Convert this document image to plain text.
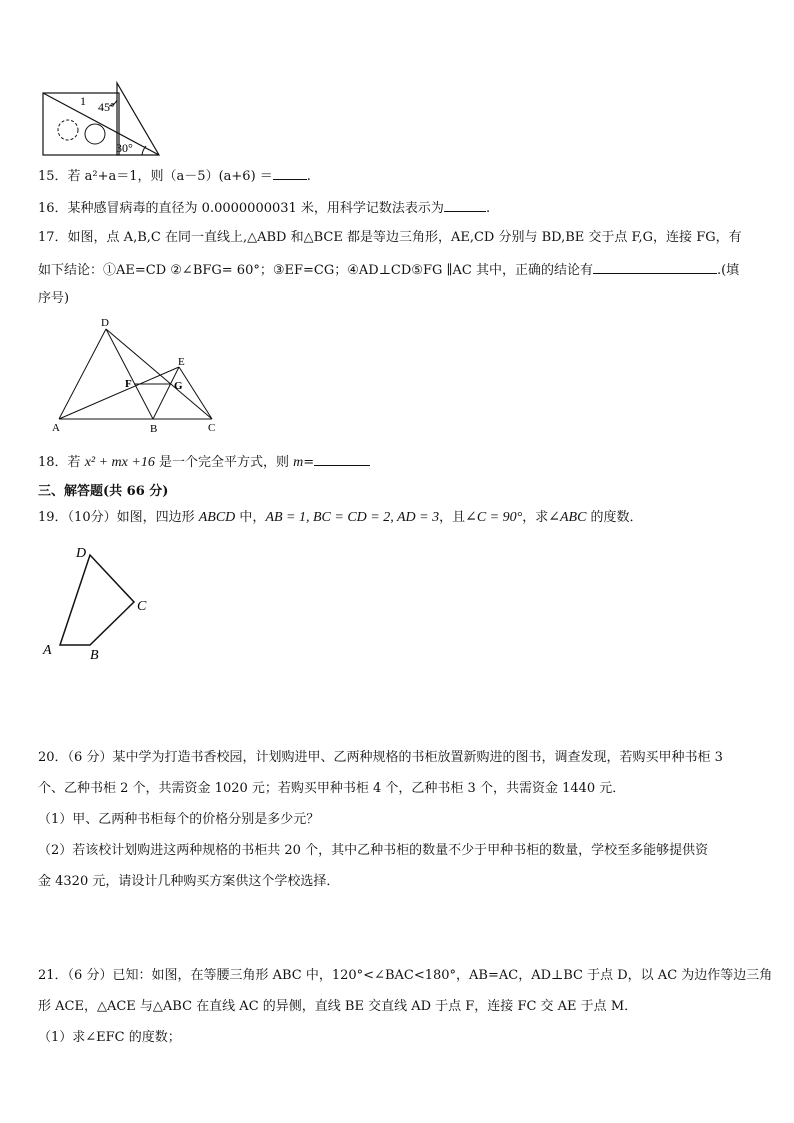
1 45°
30°
15．若 a²+a＝1，则（a－5）(a+6) ＝	.
16．某种感冒病毒的直径为 0.0000000031 米，用科学记数法表示为	.
17．如图，点 A,B,C 在同一直线上,△ABD 和△BCE 都是等边三角形，AE,CD 分别与 BD,BE 交于点 F,G，连接 FG，有
如下结论：①AE=CD ②∠BFG= 60°；③EF=CG；④AD⊥CD⑤FG ∥AC 其中，正确的结论有	.(填
序号)
D
E
F	G
A	B	C
18．若 x² + mx +16 是一个完全平方式，则 m=
三、解答题(共 66 分)
19．（10分）如图，四边形 ABCD 中，AB = 1, BC = CD = 2, AD = 3，且∠C = 90°，求∠ABC 的度数．
D
C
A	B
20．（6 分）某中学为打造书香校园，计划购进甲、乙两种规格的书柜放置新购进的图书，调查发现，若购买甲种书柜 3
个、乙种书柜 2 个，共需资金 1020 元；若购买甲种书柜 4 个，乙种书柜 3 个，共需资金 1440 元．
（1）甲、乙两种书柜每个的价格分别是多少元？
（2）若该校计划购进这两种规格的书柜共 20 个，其中乙种书柜的数量不少于甲种书柜的数量，学校至多能够提供资
金 4320 元，请设计几种购买方案供这个学校选择．
21．（6 分）已知：如图，在等腰三角形 ABC 中，120°<∠BAC<180°，AB=AC，AD⊥BC 于点 D，以 AC 为边作等边三角
形 ACE，△ACE 与△ABC 在直线 AC 的异侧，直线 BE 交直线 AD 于点 F，连接 FC 交 AE 于点 M．
（1）求∠EFC 的度数；
